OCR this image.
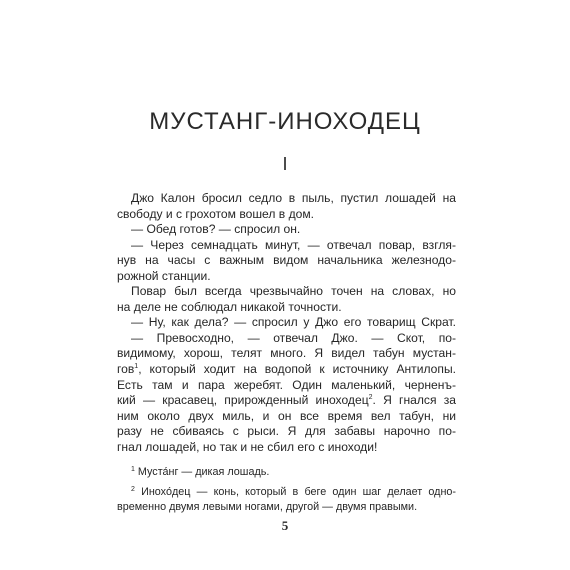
МУСТАНГ-ИНОХОДЕЦ
I
Джо Калон бросил седло в пыль, пустил лошадей на
свободу и с грохотом вошел в дом.
— Обед готов? — спросил он.
— Через семнадцать минут, — отвечал повар, взгля-
нув на часы с важным видом начальника железнодо-
рожной станции.
Повар был всегда чрезвычайно точен на словах, но
на деле не соблюдал никакой точности.
— Ну, как дела? — спросил у Джо его товарищ Скрат.
— Превосходно, — отвечал Джо. — Скот, по-
видимому, хорош, телят много. Я видел табун мустан-
гов$^1$, который ходит на водопой к источнику Антилопы.
Есть там и пара жеребят. Один маленький, черненъ-
кий — красавец, прирожденный иноходец$^2$. Я гнался за
ним около двух миль, и он все время вел табун, ни
разу не сбиваясь с рыси. Я для забавы нарочно по-
гнал лошадей, но так и не сбил его с иноходи!
$^1$ Муста́нг — дикая лошадь.
$^2$ Инохо́дец — конь, который в беге один шаг делает одно-
временно двумя левыми ногами, другой — двумя правыми.
5
